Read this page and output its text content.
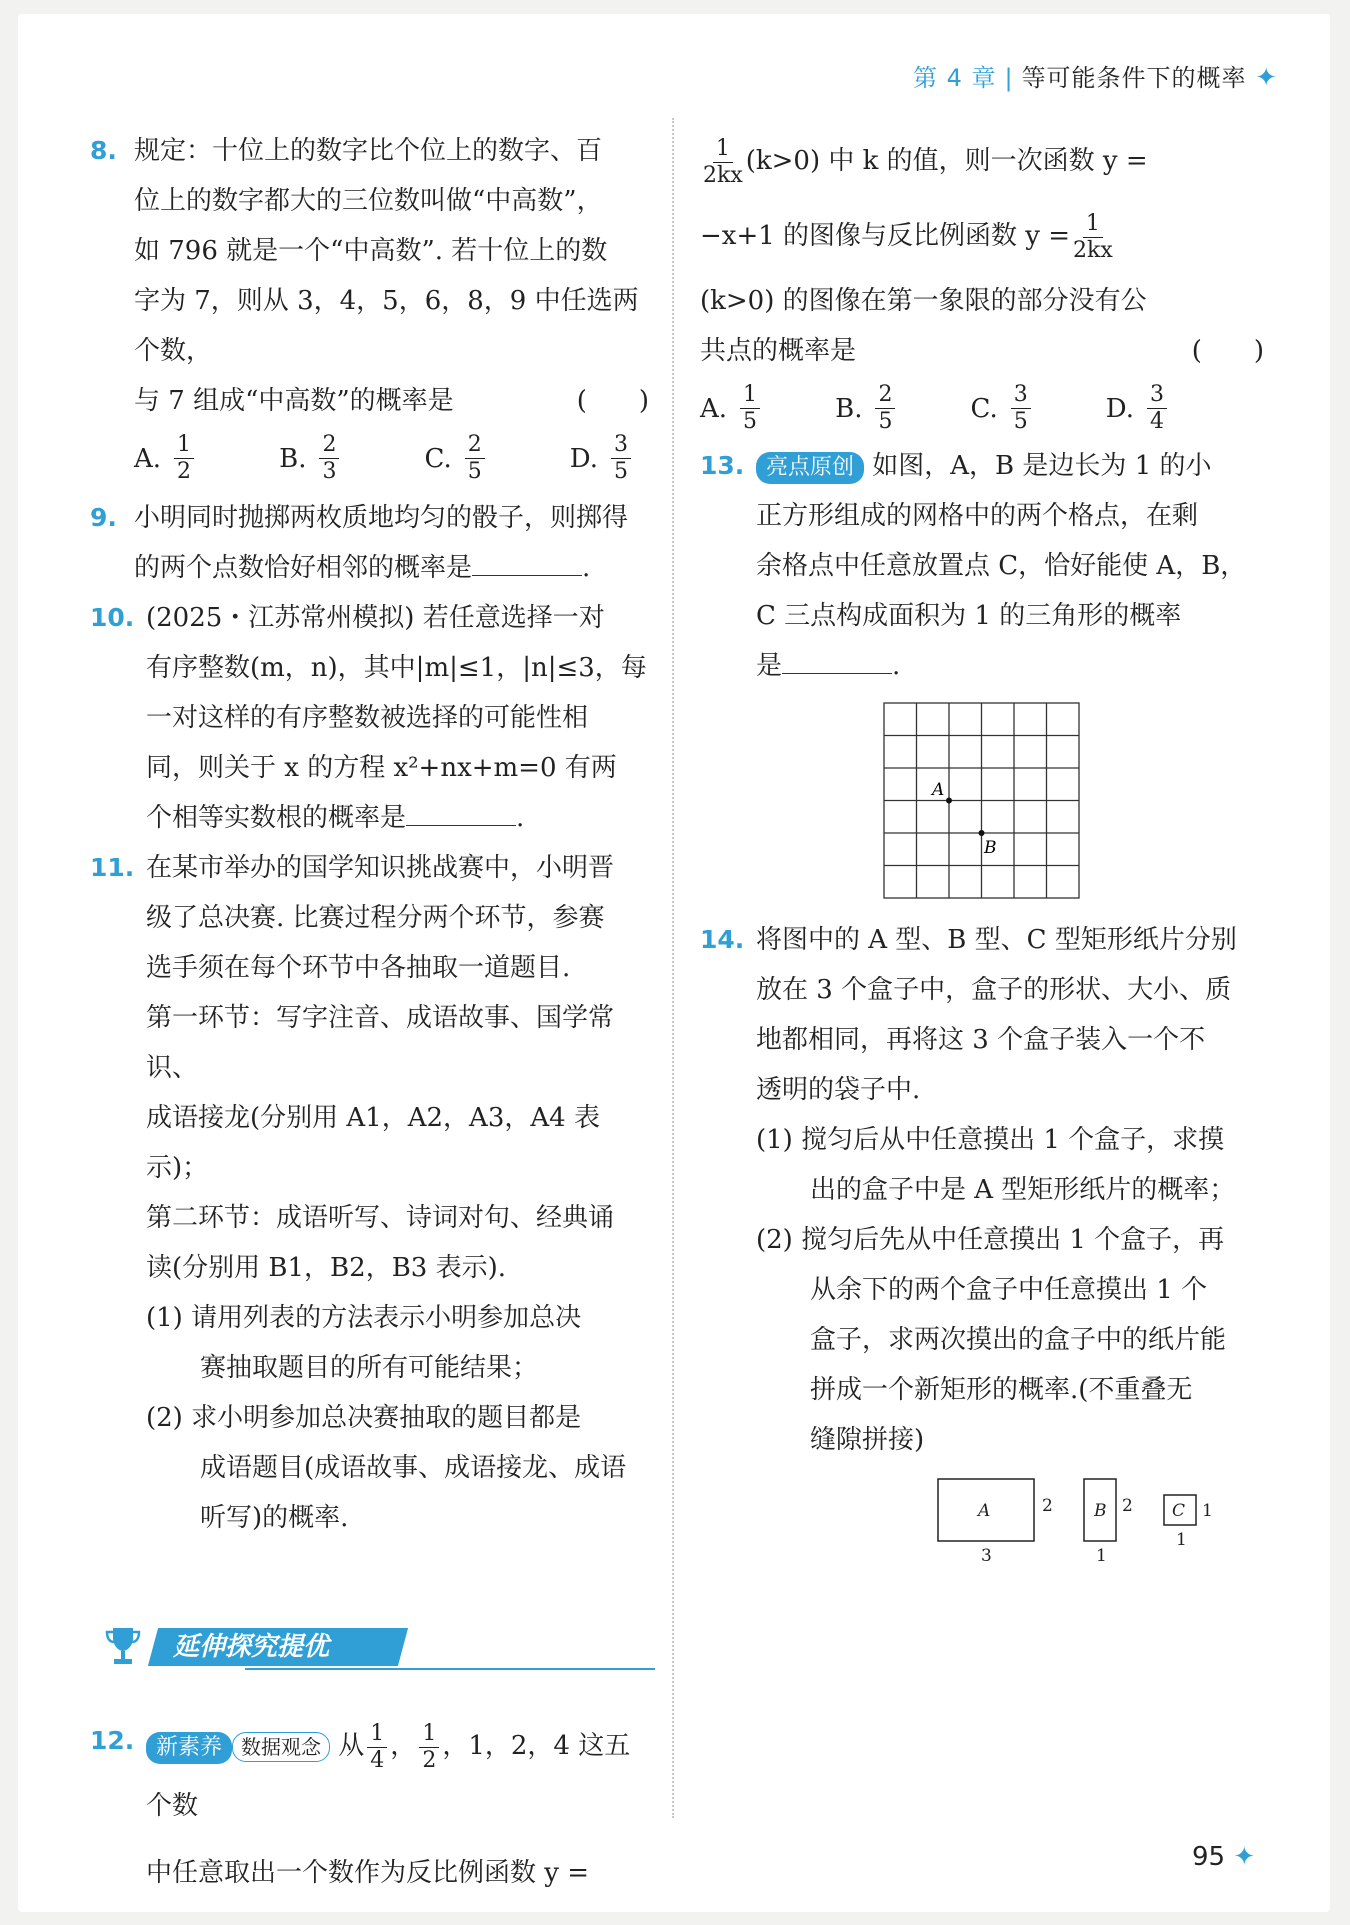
第 4 章 | 等可能条件下的概率 ✦
8. 规定：十位上的数字比个位上的数字、百
位上的数字都大的三位数叫做“中高数”，
如 796 就是一个“中高数”. 若十位上的数
字为 7，则从 3，4，5，6，8，9 中任选两个数，
与 7 组成“中高数”的概率是	(　　)
A. $\frac{1}{2}$	B. $\frac{2}{3}$	C. $\frac{2}{5}$	D. $\frac{3}{5}$
9. 小明同时抛掷两枚质地均匀的骰子，则掷得
的两个点数恰好相邻的概率是	.
10. (2025・江苏常州模拟) 若任意选择一对
有序整数(m，n)，其中|m|≤1，|n|≤3，每
一对这样的有序整数被选择的可能性相
同，则关于 x 的方程 x²+nx+m=0 有两
个相等实数根的概率是	.
11. 在某市举办的国学知识挑战赛中，小明晋
级了总决赛. 比赛过程分两个环节，参赛
选手须在每个环节中各抽取一道题目.
第一环节：写字注音、成语故事、国学常识、
成语接龙(分别用 A1，A2，A3，A4 表示)；
第二环节：成语听写、诗词对句、经典诵
读(分别用 B1，B2，B3 表示).
(1) 请用列表的方法表示小明参加总决
赛抽取题目的所有可能结果；
(2) 求小明参加总决赛抽取的题目都是
成语题目(成语故事、成语接龙、成语
听写)的概率.
延伸探究提优
12. 新素养 数据观念 从 $\frac{1}{4}$ ， $\frac{1}{2}$ ，1，2，4 这五个数
中任意取出一个数作为反比例函数 y =
$\frac{1}{2kx} (k>0)$ 中 k 的值，则一次函数 y =
−x+1 的图像与反比例函数 $y = \frac{1}{2kx}$
(k>0) 的图像在第一象限的部分没有公
共点的概率是	(　　)
A. $\frac{1}{5}$	B. $\frac{2}{5}$	C. $\frac{3}{5}$	D. $\frac{3}{4}$
13. 亮点原创 如图，A，B 是边长为 1 的小
正方形组成的网格中的两个格点，在剩
余格点中任意放置点 C，恰好能使 A，B，
C 三点构成面积为 1 的三角形的概率
是	.
A
B
14. 将图中的 A 型、B 型、C 型矩形纸片分别
放在 3 个盒子中，盒子的形状、大小、质
地都相同，再将这 3 个盒子装入一个不
透明的袋子中.
(1) 搅匀后从中任意摸出 1 个盒子，求摸
出的盒子中是 A 型矩形纸片的概率；
(2) 搅匀后先从中任意摸出 1 个盒子，再
从余下的两个盒子中任意摸出 1 个
盒子，求两次摸出的盒子中的纸片能
拼成一个新矩形的概率.(不重叠无
缝隙拼接)
A	2
3
B 2
1
C 1
1
95 ✦
